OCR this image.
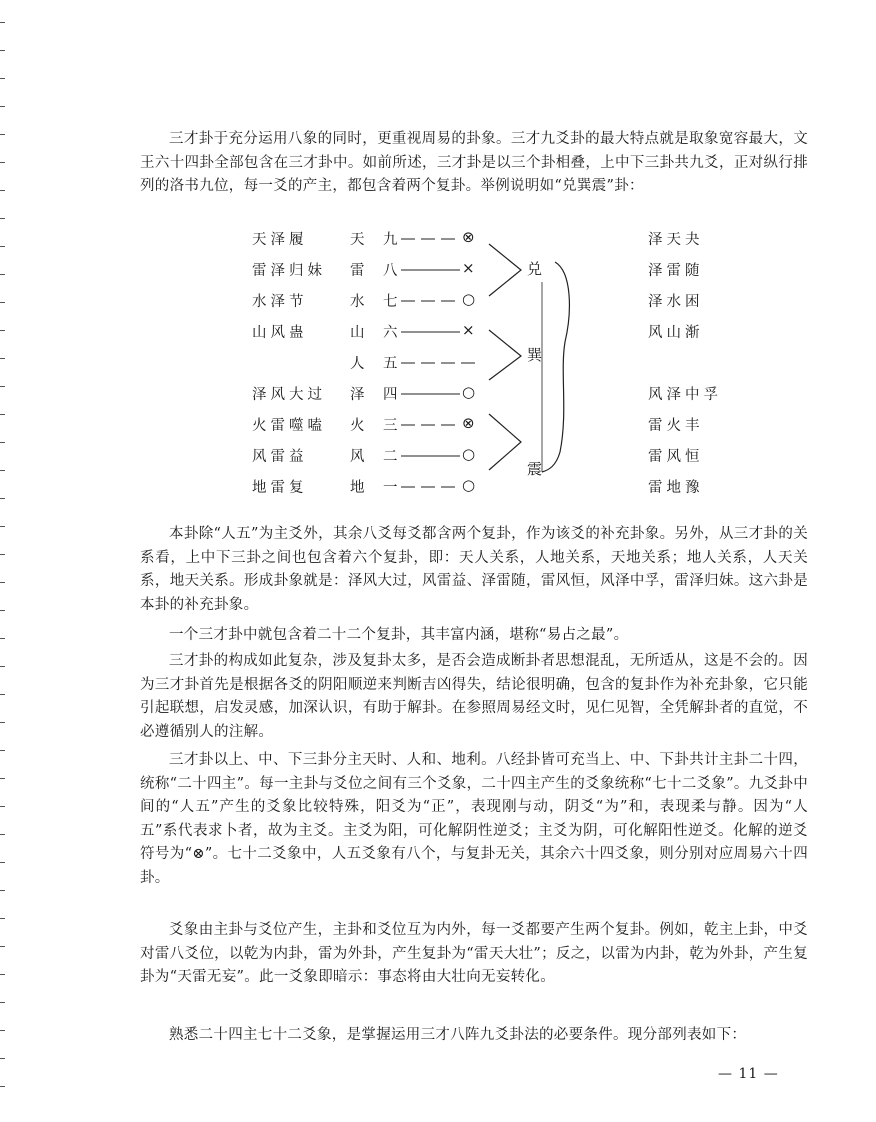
三才卦于充分运用八象的同时，更重视周易的卦象。三才九爻卦的最大特点就是取象宽容最大，文王六十四卦全部包含在三才卦中。如前所述，三才卦是以三个卦相叠，上中下三卦共九爻，正对纵行排列的洛书九位，每一爻的产主，都包含着两个复卦。举例说明如“兑巽震”卦：

天泽履	天 九	⊗	泽天夬
雷泽归妹 雷 八	×	泽雷随
水泽节	水 七	○	泽水困
山风蛊	山 六	×	风山渐
人 五
泽风大过 泽 四	○	风泽中孚
火雷噬嗑 火 三	⊗	雷火丰
风雷益	风 二	○	雷风恒
地雷复	地 一	○	雷地豫
兑
巽
震

本卦除“人五”为主爻外，其余八爻每爻都含两个复卦，作为该爻的补充卦象。另外，从三才卦的关系看，上中下三卦之间也包含着六个复卦，即：天人关系，人地关系，天地关系；地人关系，人天关系，地天关系。形成卦象就是：泽风大过，风雷益、泽雷随，雷风恒，风泽中孚，雷泽归妹。这六卦是本卦的补充卦象。

一个三才卦中就包含着二十二个复卦，其丰富内涵，堪称“易占之最”。

三才卦的构成如此复杂，涉及复卦太多，是否会造成断卦者思想混乱，无所适从，这是不会的。因为三才卦首先是根据各爻的阴阳顺逆来判断吉凶得失，结论很明确，包含的复卦作为补充卦象，它只能引起联想，启发灵感，加深认识，有助于解卦。在参照周易经文时，见仁见智，全凭解卦者的直觉，不必遵循别人的注解。

三才卦以上、中、下三卦分主天时、人和、地利。八经卦皆可充当上、中、下卦共计主卦二十四，统称“二十四主”。每一主卦与爻位之间有三个爻象，二十四主产生的爻象统称“七十二爻象”。九爻卦中间的“人五”产生的爻象比较特殊，阳爻为“正”，表现刚与动，阴爻“为”和，表现柔与静。因为“人五”系代表求卜者，故为主爻。主爻为阳，可化解阴性逆爻；主爻为阴，可化解阳性逆爻。化解的逆爻符号为“⊗”。七十二爻象中，人五爻象有八个，与复卦无关，其余六十四爻象，则分别对应周易六十四卦。

爻象由主卦与爻位产生，主卦和爻位互为内外，每一爻都要产生两个复卦。例如，乾主上卦，中爻对雷八爻位，以乾为内卦，雷为外卦，产生复卦为“雷天大壮”；反之，以雷为内卦，乾为外卦，产生复卦为“天雷无妄”。此一爻象即暗示：事态将由大壮向无妄转化。

熟悉二十四主七十二爻象，是掌握运用三才八阵九爻卦法的必要条件。现分部列表如下：

— 11 —
